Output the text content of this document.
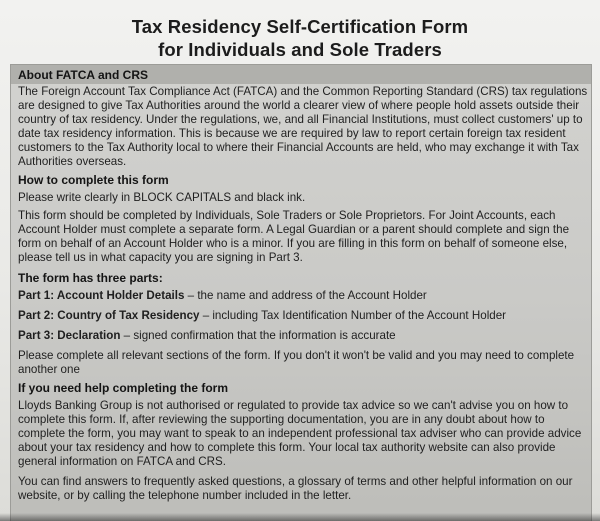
Tax Residency Self-Certification Form
for Individuals and Sole Traders

About FATCA and CRS

The Foreign Account Tax Compliance Act (FATCA) and the Common Reporting Standard (CRS) tax regulations are designed to give Tax Authorities around the world a clearer view of where people hold assets outside their country of tax residency. Under the regulations, we, and all Financial Institutions, must collect customers' up to date tax residency information. This is because we are required by law to report certain foreign tax resident customers to the Tax Authority local to where their Financial Accounts are held, who may exchange it with Tax Authorities overseas.

How to complete this form

Please write clearly in BLOCK CAPITALS and black ink.

This form should be completed by Individuals, Sole Traders or Sole Proprietors. For Joint Accounts, each Account Holder must complete a separate form. A Legal Guardian or a parent should complete and sign the form on behalf of an Account Holder who is a minor. If you are filling in this form on behalf of someone else, please tell us in what capacity you are signing in Part 3.

The form has three parts:

Part 1: Account Holder Details – the name and address of the Account Holder

Part 2: Country of Tax Residency – including Tax Identification Number of the Account Holder

Part 3: Declaration – signed confirmation that the information is accurate

Please complete all relevant sections of the form. If you don't it won't be valid and you may need to complete another one

If you need help completing the form

Lloyds Banking Group is not authorised or regulated to provide tax advice so we can't advise you on how to complete this form. If, after reviewing the supporting documentation, you are in any doubt about how to complete the form, you may want to speak to an independent professional tax adviser who can provide advice about your tax residency and how to complete this form. Your local tax authority website can also provide general information on FATCA and CRS.

You can find answers to frequently asked questions, a glossary of terms and other helpful information on our website, or by calling the telephone number included in the letter.
